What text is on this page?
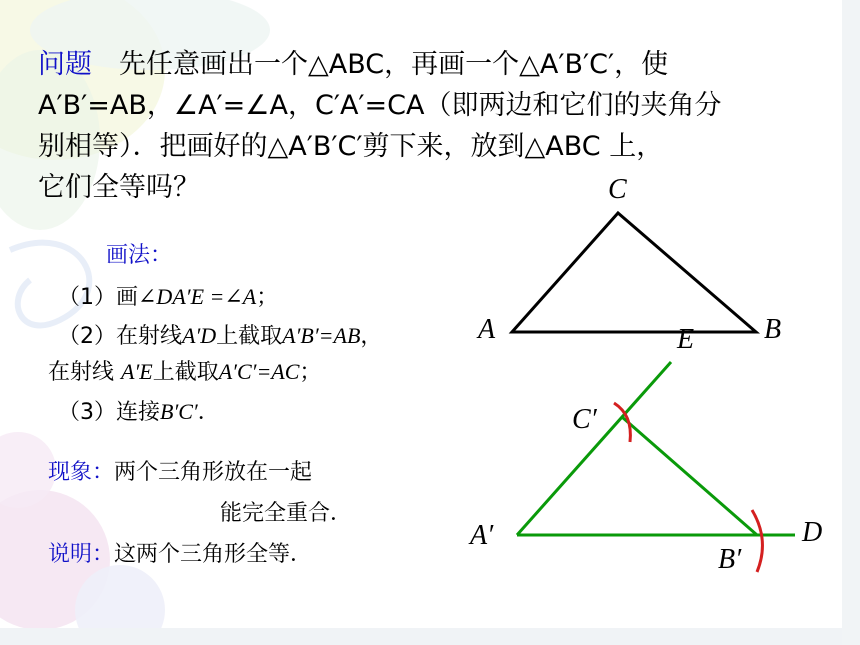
问题  先任意画出一个△ABC，再画一个△A′B′C′，使
A′B′=AB，∠A′=∠A，C′A′=CA（即两边和它们的夹角分
别相等）．把画好的△A′B′C′剪下来，放到△ABC 上，
它们全等吗？
画法：
（1）画∠DA′E =∠A；
（2）在射线A′D上截取A′B′=AB，
在射线 A′E上截取A′C′=AC；
（3）连接B′C′．
现象：两个三角形放在一起
能完全重合．
说明：这两个三角形全等．
C
A	B
E
C′
A′
B′
D
